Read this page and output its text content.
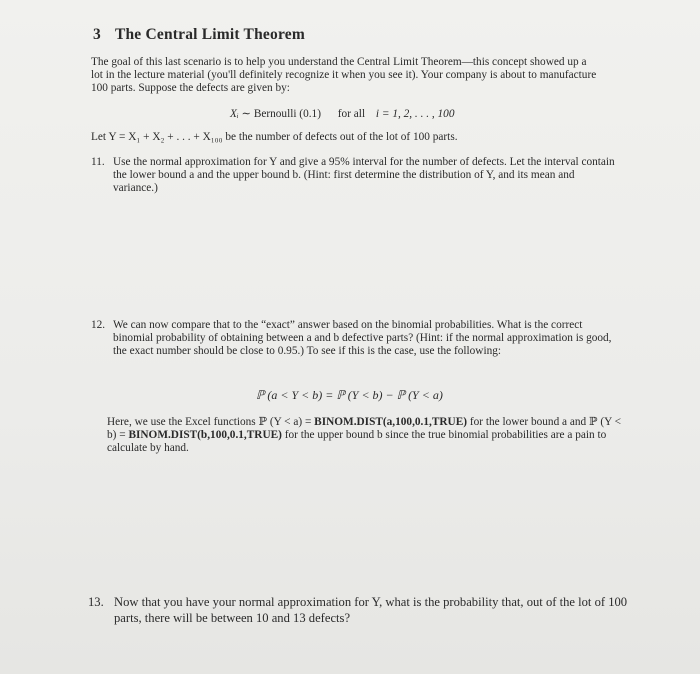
3 The Central Limit Theorem
The goal of this last scenario is to help you understand the Central Limit Theorem—this concept showed up a lot in the lecture material (you'll definitely recognize it when you see it). Your company is about to manufacture 100 parts. Suppose the defects are given by:
Xᵢ ∼ Bernoulli (0.1) for all i = 1, 2, . . . , 100
Let Y = X₁ + X₂ + . . . + X₁₀₀ be the number of defects out of the lot of 100 parts.
11. Use the normal approximation for Y and give a 95% interval for the number of defects. Let the interval contain the lower bound a and the upper bound b. (Hint: first determine the distribution of Y, and its mean and variance.)
12. We can now compare that to the “exact” answer based on the binomial probabilities. What is the correct binomial probability of obtaining between a and b defective parts? (Hint: if the normal approximation is good, the exact number should be close to 0.95.) To see if this is the case, use the following:
ℙ (a < Y < b) = ℙ (Y < b) − ℙ (Y < a)
Here, we use the Excel functions ℙ (Y < a) = BINOM.DIST(a,100,0.1,TRUE) for the lower bound a and ℙ (Y < b) = BINOM.DIST(b,100,0.1,TRUE) for the upper bound b since the true binomial probabilities are a pain to calculate by hand.
13. Now that you have your normal approximation for Y, what is the probability that, out of the lot of 100 parts, there will be between 10 and 13 defects?
